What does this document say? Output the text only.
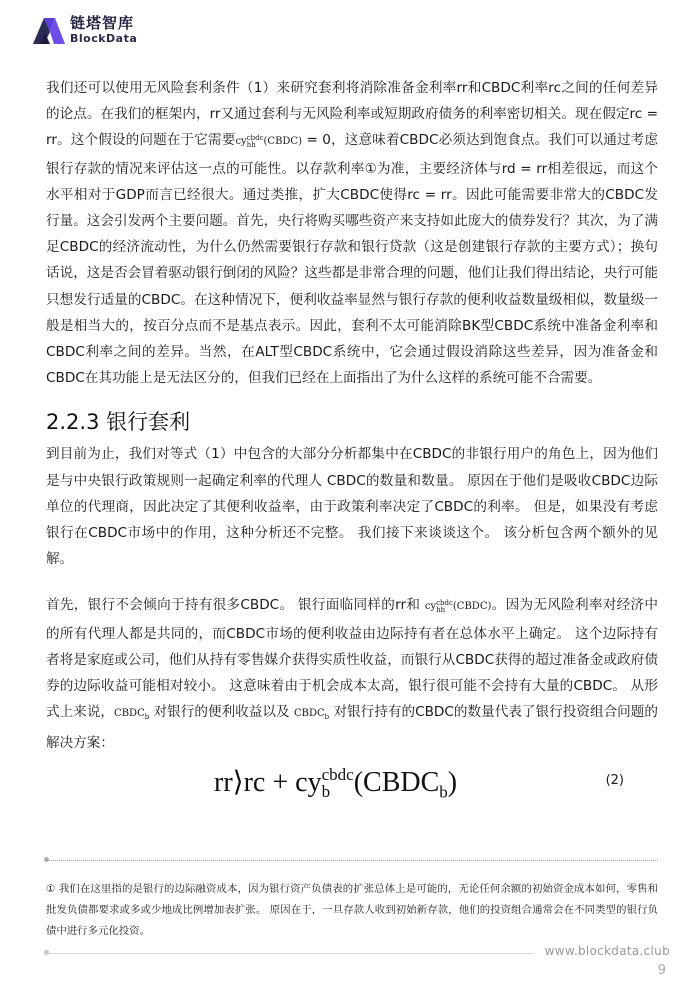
链塔智库
BlockData

我们还可以使用无风险套利条件（1）来研究套利将消除准备金利率rr和CBDC利率rc之间的任何差异的论点。在我们的框架内，rr又通过套利与无风险利率或短期政府债务的利率密切相关。现在假定rc = rr。这个假设的问题在于它需要cy cbdc
hh (CBDC) = 0，这意味着CBDC必须达到饱食点。我们可以通过考虑银行存款的情况来评估这一点的可能性。以存款利率①为准，主要经济体与rd = rr相差很远，而这个水平相对于GDP而言已经很大。通过类推，扩大CBDC使得rc = rr。因此可能需要非常大的CBDC发行量。这会引发两个主要问题。首先，央行将购买哪些资产来支持如此庞大的债券发行？其次，为了满足CBDC的经济流动性，为什么仍然需要银行存款和银行贷款（这是创建银行存款的主要方式）；换句话说，这是否会冒着驱动银行倒闭的风险？这些都是非常合理的问题，他们让我们得出结论，央行可能只想发行适量的CBDC。在这种情况下，便利收益率显然与银行存款的便利收益数量级相似，数量级一般是相当大的，按百分点而不是基点表示。因此，套利不太可能消除BK型CBDC系统中准备金利率和CBDC利率之间的差异。当然，在ALT型CBDC系统中，它会通过假设消除这些差异，因为准备金和CBDC在其功能上是无法区分的，但我们已经在上面指出了为什么这样的系统可能不合需要。

2.2.3 银行套利

到目前为止，我们对等式（1）中包含的大部分分析都集中在CBDC的非银行用户的角色上，因为他们是与中央银行政策规则一起确定利率的代理人 CBDC的数量和数量。 原因在于他们是吸收CBDC边际单位的代理商，因此决定了其便利收益率，由于政策利率决定了CBDC的利率。 但是，如果没有考虑银行在CBDC市场中的作用，这种分析还不完整。 我们接下来谈谈这个。 该分析包含两个额外的见解。

首先，银行不会倾向于持有很多CBDC。 银行面临同样的rr和 cy cbdc
hh (CBDC)。因为无风险利率对经济中的所有代理人都是共同的，而CBDC市场的便利收益由边际持有者在总体水平上确定。 这个边际持有者将是家庭或公司，他们从持有零售媒介获得实质性收益，而银行从CBDC获得的超过准备金或政府债券的边际收益可能相对较小。 这意味着由于机会成本太高，银行很可能不会持有大量的CBDC。 从形式上来说，$CBDC_b$ 对银行的便利收益以及 $CBDC_b$ 对银行持有的CBDC的数量代表了银行投资组合问题的解决方案：

rr⟩rc + cy cbdc
b $(CBDC_b)$	(2)
① 我们在这里指的是银行的边际融资成本，因为银行资产负债表的扩张总体上是可能的，无论任何余额的初始资金成本如何，零售和批发负债都要求或多或少地成比例增加表扩张。 原因在于，一旦存款人收到初始新存款，他们的投资组合通常会在不同类型的银行负债中进行多元化投资。
www.blockdata.club
9
